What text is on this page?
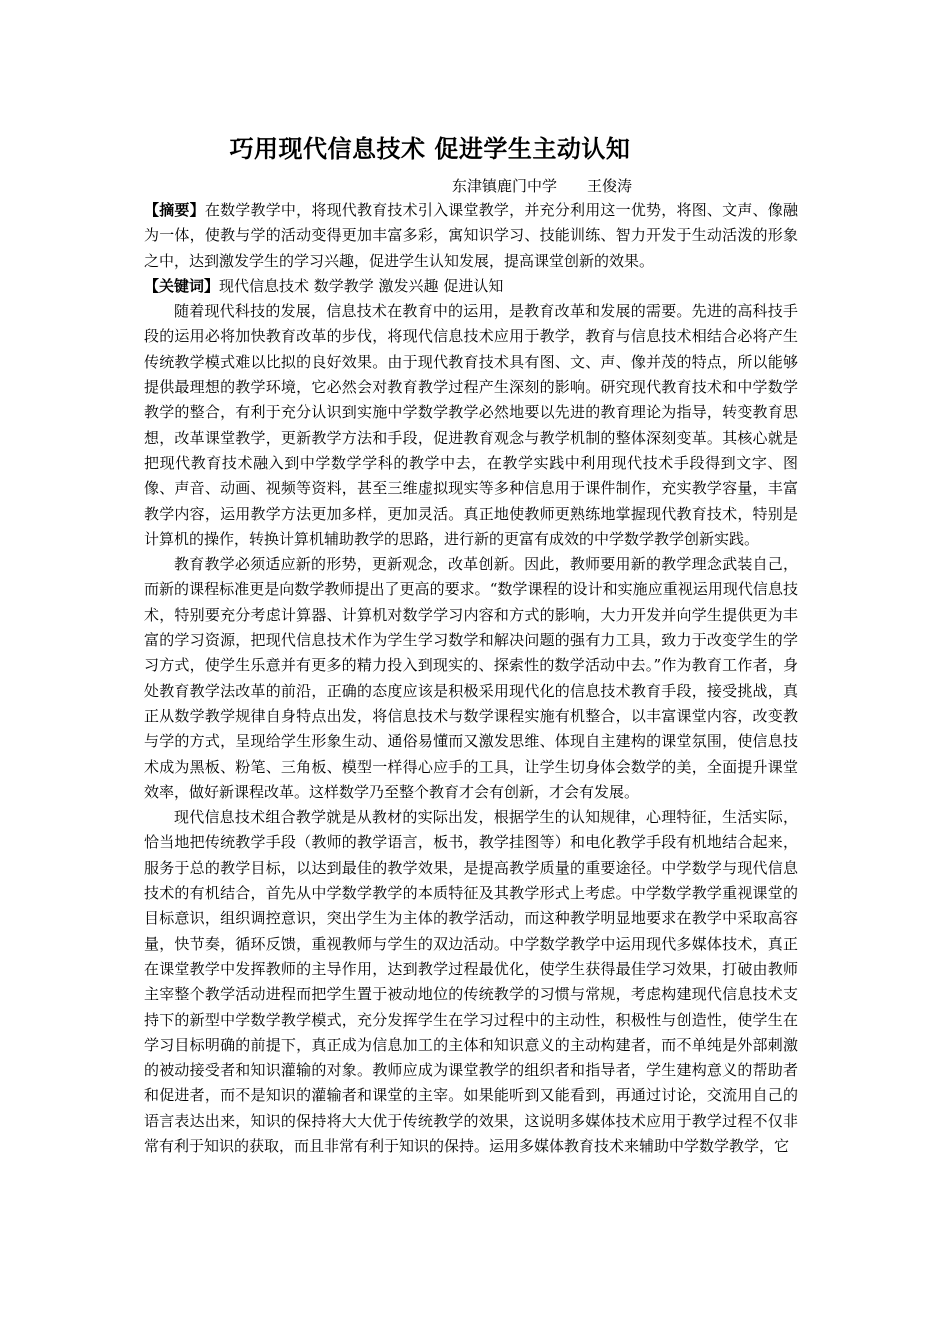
巧用现代信息技术 促进学生主动认知
东津镇鹿门中学 王俊涛

【摘要】在数学教学中，将现代教育技术引入课堂教学，并充分利用这一优势，将图、文声、像融为一体，使教与学的活动变得更加丰富多彩，寓知识学习、技能训练、智力开发于生动活泼的形象之中，达到激发学生的学习兴趣，促进学生认知发展，提高课堂创新的效果。

【关键词】现代信息技术 数学教学 激发兴趣 促进认知

随着现代科技的发展，信息技术在教育中的运用，是教育改革和发展的需要。先进的高科技手段的运用必将加快教育改革的步伐，将现代信息技术应用于教学，教育与信息技术相结合必将产生传统教学模式难以比拟的良好效果。由于现代教育技术具有图、文、声、像并茂的特点，所以能够提供最理想的教学环境，它必然会对教育教学过程产生深刻的影响。研究现代教育技术和中学数学教学的整合，有利于充分认识到实施中学数学教学必然地要以先进的教育理论为指导，转变教育思想，改革课堂教学，更新教学方法和手段，促进教育观念与教学机制的整体深刻变革。其核心就是把现代教育技术融入到中学数学学科的教学中去，在教学实践中利用现代技术手段得到文字、图像、声音、动画、视频等资料，甚至三维虚拟现实等多种信息用于课件制作，充实教学容量，丰富教学内容，运用教学方法更加多样，更加灵活。真正地使教师更熟练地掌握现代教育技术，特别是计算机的操作，转换计算机辅助教学的思路，进行新的更富有成效的中学数学教学创新实践。

教育教学必须适应新的形势，更新观念，改革创新。因此，教师要用新的教学理念武装自己，而新的课程标准更是向数学教师提出了更高的要求。“数学课程的设计和实施应重视运用现代信息技术，特别要充分考虑计算器、计算机对数学学习内容和方式的影响，大力开发并向学生提供更为丰富的学习资源，把现代信息技术作为学生学习数学和解决问题的强有力工具，致力于改变学生的学习方式，使学生乐意并有更多的精力投入到现实的、探索性的数学活动中去。”作为教育工作者，身处教育教学法改革的前沿，正确的态度应该是积极采用现代化的信息技术教育手段，接受挑战，真正从数学教学规律自身特点出发，将信息技术与数学课程实施有机整合，以丰富课堂内容，改变教与学的方式，呈现给学生形象生动、通俗易懂而又激发思维、体现自主建构的课堂氛围，使信息技术成为黑板、粉笔、三角板、模型一样得心应手的工具，让学生切身体会数学的美，全面提升课堂效率，做好新课程改革。这样数学乃至整个教育才会有创新，才会有发展。

现代信息技术组合教学就是从教材的实际出发，根据学生的认知规律，心理特征，生活实际，恰当地把传统教学手段（教师的教学语言，板书，教学挂图等）和电化教学手段有机地结合起来，服务于总的教学目标，以达到最佳的教学效果，是提高教学质量的重要途径。中学数学与现代信息技术的有机结合，首先从中学数学教学的本质特征及其教学形式上考虑。中学数学教学重视课堂的目标意识，组织调控意识，突出学生为主体的教学活动，而这种教学明显地要求在教学中采取高容量，快节奏，循环反馈，重视教师与学生的双边活动。中学数学教学中运用现代多媒体技术，真正在课堂教学中发挥教师的主导作用，达到教学过程最优化，使学生获得最佳学习效果，打破由教师主宰整个教学活动进程而把学生置于被动地位的传统教学的习惯与常规，考虑构建现代信息技术支持下的新型中学数学教学模式，充分发挥学生在学习过程中的主动性，积极性与创造性，使学生在学习目标明确的前提下，真正成为信息加工的主体和知识意义的主动构建者，而不单纯是外部刺激的被动接受者和知识灌输的对象。教师应成为课堂教学的组织者和指导者，学生建构意义的帮助者和促进者，而不是知识的灌输者和课堂的主宰。如果能听到又能看到，再通过讨论，交流用自己的语言表达出来，知识的保持将大大优于传统教学的效果，这说明多媒体技术应用于教学过程不仅非常有利于知识的获取，而且非常有利于知识的保持。运用多媒体教育技术来辅助中学数学教学，它
